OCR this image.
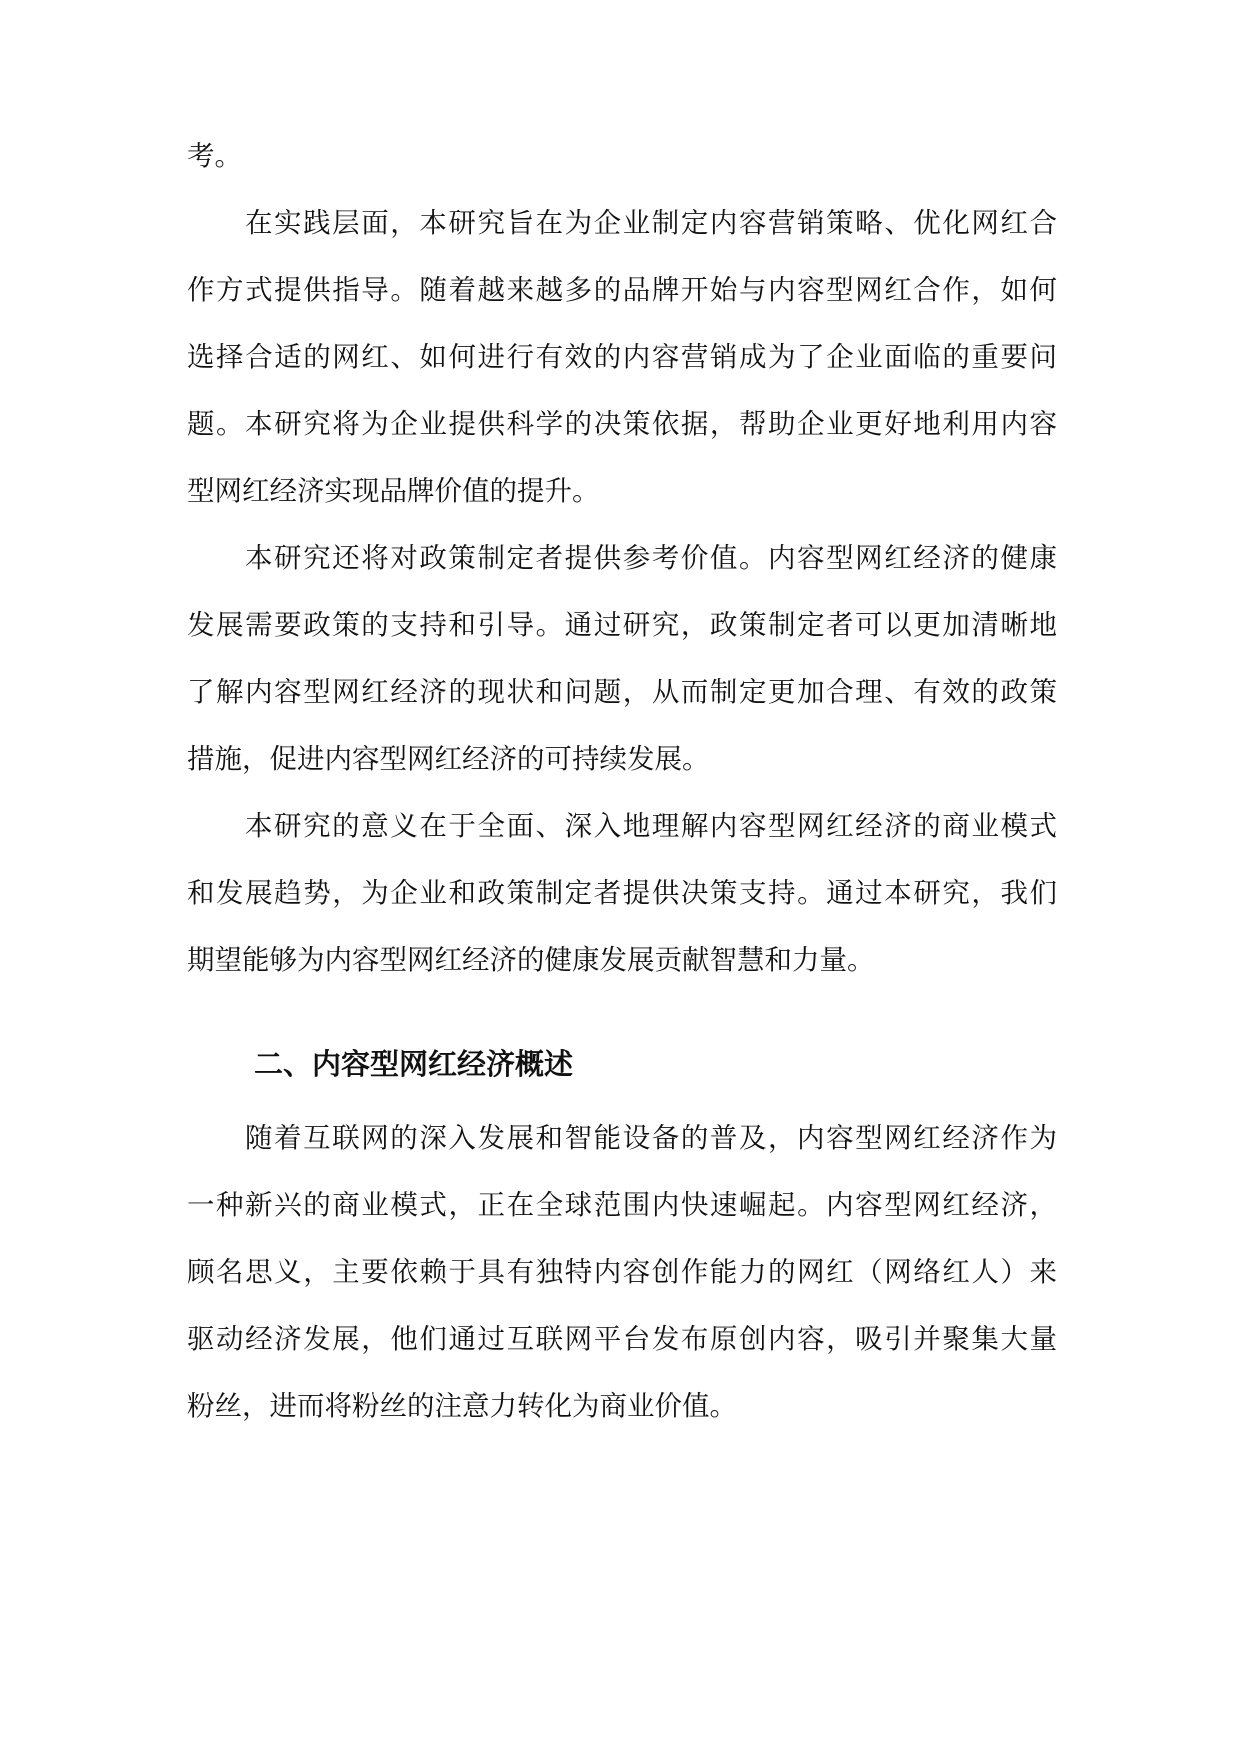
考。
在实践层面，本研究旨在为企业制定内容营销策略、优化网红合
作方式提供指导。随着越来越多的品牌开始与内容型网红合作，如何
选择合适的网红、如何进行有效的内容营销成为了企业面临的重要问
题。本研究将为企业提供科学的决策依据，帮助企业更好地利用内容
型网红经济实现品牌价值的提升。
本研究还将对政策制定者提供参考价值。内容型网红经济的健康
发展需要政策的支持和引导。通过研究，政策制定者可以更加清晰地
了解内容型网红经济的现状和问题，从而制定更加合理、有效的政策
措施，促进内容型网红经济的可持续发展。
本研究的意义在于全面、深入地理解内容型网红经济的商业模式
和发展趋势，为企业和政策制定者提供决策支持。通过本研究，我们
期望能够为内容型网红经济的健康发展贡献智慧和力量。
二、内容型网红经济概述
随着互联网的深入发展和智能设备的普及，内容型网红经济作为
一种新兴的商业模式，正在全球范围内快速崛起。内容型网红经济，
顾名思义，主要依赖于具有独特内容创作能力的网红（网络红人）来
驱动经济发展，他们通过互联网平台发布原创内容，吸引并聚集大量
粉丝，进而将粉丝的注意力转化为商业价值。
